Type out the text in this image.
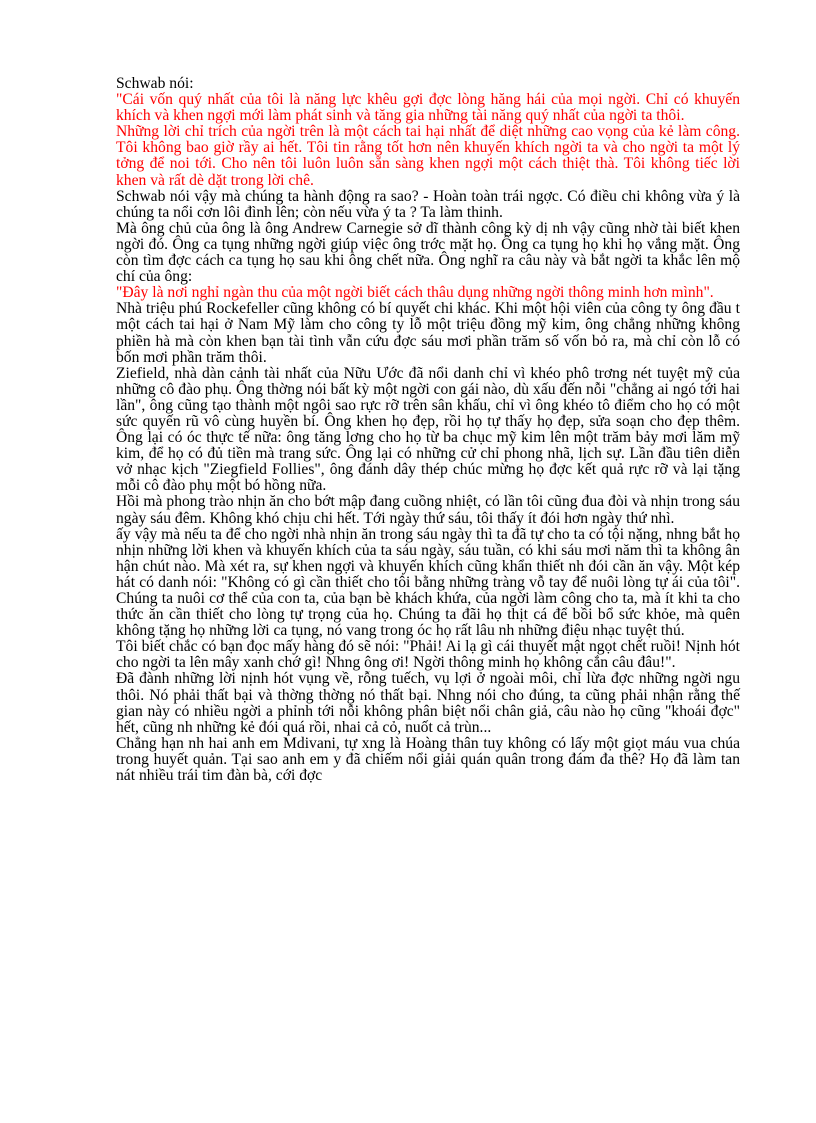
Schwab nói:

"Cái vốn quý nhất của tôi là năng lực khêu gợi đợc lòng hăng hái của mọi ngời. Chỉ có khuyến khích và khen ngợi mới làm phát sinh và tăng gia những tài năng quý nhất của ngời ta thôi.

Những lời chỉ trích của ngời trên là một cách tai hại nhất để diệt những cao vọng của kẻ làm công. Tôi không bao giờ rầy ai hết. Tôi tin rằng tốt hơn nên khuyến khích ngời ta và cho ngời ta một lý tởng để noi tới. Cho nên tôi luôn luôn sẵn sàng khen ngợi một cách thiệt thà. Tôi không tiếc lời khen và rất dè dặt trong lời chê.

Schwab nói vậy mà chúng ta hành động ra sao? - Hoàn toàn trái ngợc. Có điều chi không vừa ý là chúng ta nổi cơn lôi đình lên; còn nếu vừa ý ta ? Ta làm thinh.

Mà ông chủ của ông là ông Andrew Carnegie sở dĩ thành công kỳ dị nh vậy cũng nhờ tài biết khen ngời đó. Ông ca tụng những ngời giúp việc ông trớc mặt họ. Ông ca tụng họ khi họ vắng mặt. Ông còn tìm đợc cách ca tụng họ sau khi ông chết nữa. Ông nghĩ ra câu này và bắt ngời ta khắc lên mộ chí của ông:

"Đây là nơi nghỉ ngàn thu của một ngời biết cách thâu dụng những ngời thông minh hơn mình".

Nhà triệu phú Rockefeller cũng không có bí quyết chi khác. Khi một hội viên của công ty ông đầu t một cách tai hại ở Nam Mỹ làm cho công ty lỗ một triệu đồng mỹ kim, ông chẳng những không phiền hà mà còn khen bạn tài tình vẫn cứu đợc sáu mơi phần trăm số vốn bỏ ra, mà chỉ còn lỗ có bốn mơi phần trăm thôi.

Ziefield, nhà dàn cảnh tài nhất của Nữu Ước đã nổi danh chỉ vì khéo phô trơng nét tuyệt mỹ của những cô đào phụ. Ông thờng nói bất kỳ một ngời con gái nào, dù xấu đến nỗi "chẳng ai ngó tới hai lần", ông cũng tạo thành một ngôi sao rực rỡ trên sân khấu, chỉ vì ông khéo tô điểm cho họ có một sức quyến rũ vô cùng huyền bí. Ông khen họ đẹp, rồi họ tự thấy họ đẹp, sửa soạn cho đẹp thêm. Ông lại có óc thực tế nữa: ông tăng lơng cho họ từ ba chục mỹ kim lên một trăm bảy mơi lăm mỹ kim, để họ có đủ tiền mà trang sức. Ông lại có những cử chỉ phong nhã, lịch sự. Lần đầu tiên diễn vở nhạc kịch "Ziegfield Follies", ông đánh dây thép chúc mừng họ đợc kết quả rực rỡ và lại tặng mỗi cô đào phụ một bó hồng nữa.

Hồi mà phong trào nhịn ăn cho bớt mập đang cuồng nhiệt, có lần tôi cũng đua đòi và nhịn trong sáu ngày sáu đêm. Không khó chịu chi hết. Tới ngày thứ sáu, tôi thấy ít đói hơn ngày thứ nhì.

ấy vậy mà nếu ta để cho ngời nhà nhịn ăn trong sáu ngày thì ta đã tự cho ta có tội nặng, nhng bắt họ nhịn những lời khen và khuyến khích của ta sáu ngày, sáu tuần, có khi sáu mơi năm thì ta không ân hận chút nào. Mà xét ra, sự khen ngợi và khuyến khích cũng khẩn thiết nh đói cần ăn vậy. Một kép hát có danh nói: "Không có gì cần thiết cho tôi bằng những tràng vỗ tay để nuôi lòng tự ái của tôi". Chúng ta nuôi cơ thể của con ta, của bạn bè khách khứa, của ngời làm công cho ta, mà ít khi ta cho thức ăn cần thiết cho lòng tự trọng của họ. Chúng ta đãi họ thịt cá để bồi bổ sức khỏe, mà quên không tặng họ những lời ca tụng, nó vang trong óc họ rất lâu nh những điệu nhạc tuyệt thú.

Tôi biết chắc có bạn đọc mấy hàng đó sẽ nói: "Phải! Ai lạ gì cái thuyết mật ngọt chết ruồi! Nịnh hót cho ngời ta lên mây xanh chớ gì! Nhng ông ơi! Ngời thông minh họ không cắn câu đâu!".

Đã đành những lời nịnh hót vụng về, rỗng tuếch, vụ lợi ở ngoài môi, chỉ lừa đợc những ngời ngu thôi. Nó phải thất bại và thờng thờng nó thất bại. Nhng nói cho đúng, ta cũng phải nhận rằng thế gian này có nhiều ngời a phỉnh tới nỗi không phân biệt nổi chân giả, câu nào họ cũng "khoái đợc" hết, cũng nh những kẻ đói quá rồi, nhai cả cỏ, nuốt cả trùn...

Chẳng hạn nh hai anh em Mdivani, tự xng là Hoàng thân tuy không có lấy một giọt máu vua chúa trong huyết quản. Tại sao anh em y đã chiếm nổi giải quán quân trong đám đa thê? Họ đã làm tan nát nhiều trái tim đàn bà, cới đợc
